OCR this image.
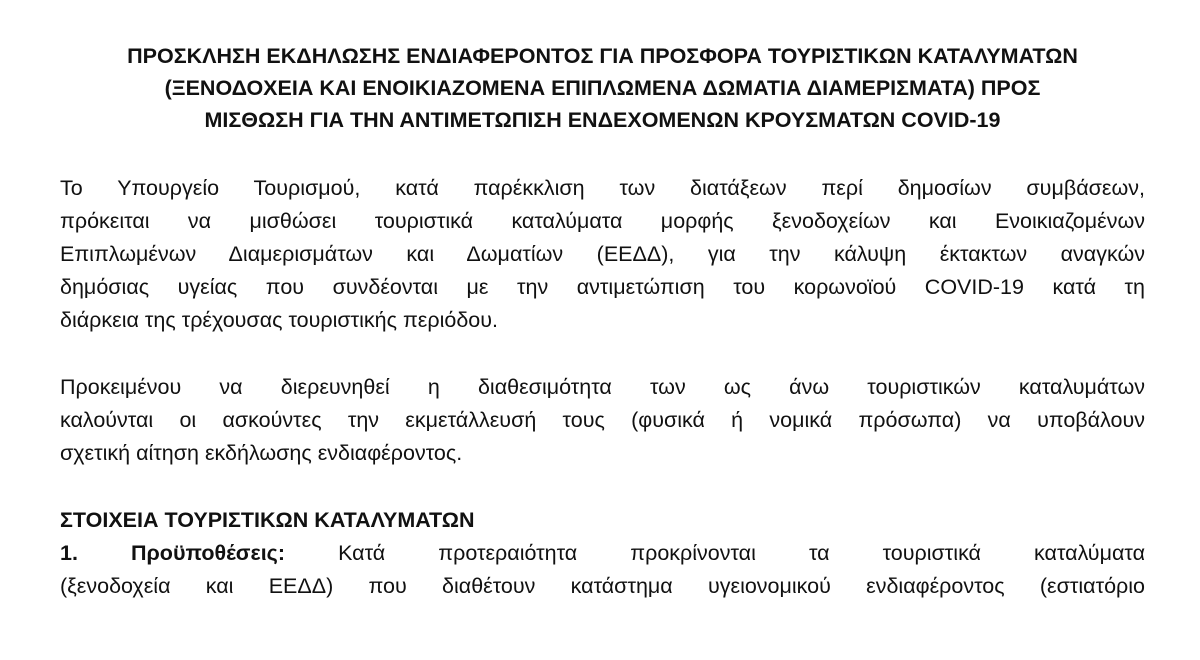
ΠΡΟΣΚΛΗΣΗ ΕΚΔΗΛΩΣΗΣ ΕΝΔΙΑΦΕΡΟΝΤΟΣ ΓΙΑ ΠΡΟΣΦΟΡΑ ΤΟΥΡΙΣΤΙΚΩΝ ΚΑΤΑΛΥΜΑΤΩΝ
(ΞΕΝΟΔΟΧΕΙΑ ΚΑΙ ΕΝΟΙΚΙΑΖΟΜΕΝΑ ΕΠΙΠΛΩΜΕΝΑ ΔΩΜΑΤΙΑ ΔΙΑΜΕΡΙΣΜΑΤΑ) ΠΡΟΣ
ΜΙΣΘΩΣΗ ΓΙΑ ΤΗΝ ΑΝΤΙΜΕΤΩΠΙΣΗ ΕΝΔΕΧΟΜΕΝΩΝ ΚΡΟΥΣΜΑΤΩΝ COVID-19

Το Υπουργείο Τουρισμού, κατά παρέκκλιση των διατάξεων περί δημοσίων συμβάσεων,
πρόκειται να μισθώσει τουριστικά καταλύματα μορφής ξενοδοχείων και Ενοικιαζομένων
Επιπλωμένων Διαμερισμάτων και Δωματίων (ΕΕΔΔ), για την κάλυψη έκτακτων αναγκών
δημόσιας υγείας που συνδέονται με την αντιμετώπιση του κορωνοϊού COVID-19 κατά τη
διάρκεια της τρέχουσας τουριστικής περιόδου.

Προκειμένου να διερευνηθεί η διαθεσιμότητα των ως άνω τουριστικών καταλυμάτων
καλούνται οι ασκούντες την εκμετάλλευσή τους (φυσικά ή νομικά πρόσωπα) να υποβάλουν
σχετική αίτηση εκδήλωσης ενδιαφέροντος.

ΣΤΟΙΧΕΙΑ ΤΟΥΡΙΣΤΙΚΩΝ ΚΑΤΑΛΥΜΑΤΩΝ

1. Προϋποθέσεις: Κατά προτεραιότητα προκρίνονται τα τουριστικά καταλύματα
(ξενοδοχεία και ΕΕΔΔ) που διαθέτουν κατάστημα υγειονομικού ενδιαφέροντος (εστιατόριο
